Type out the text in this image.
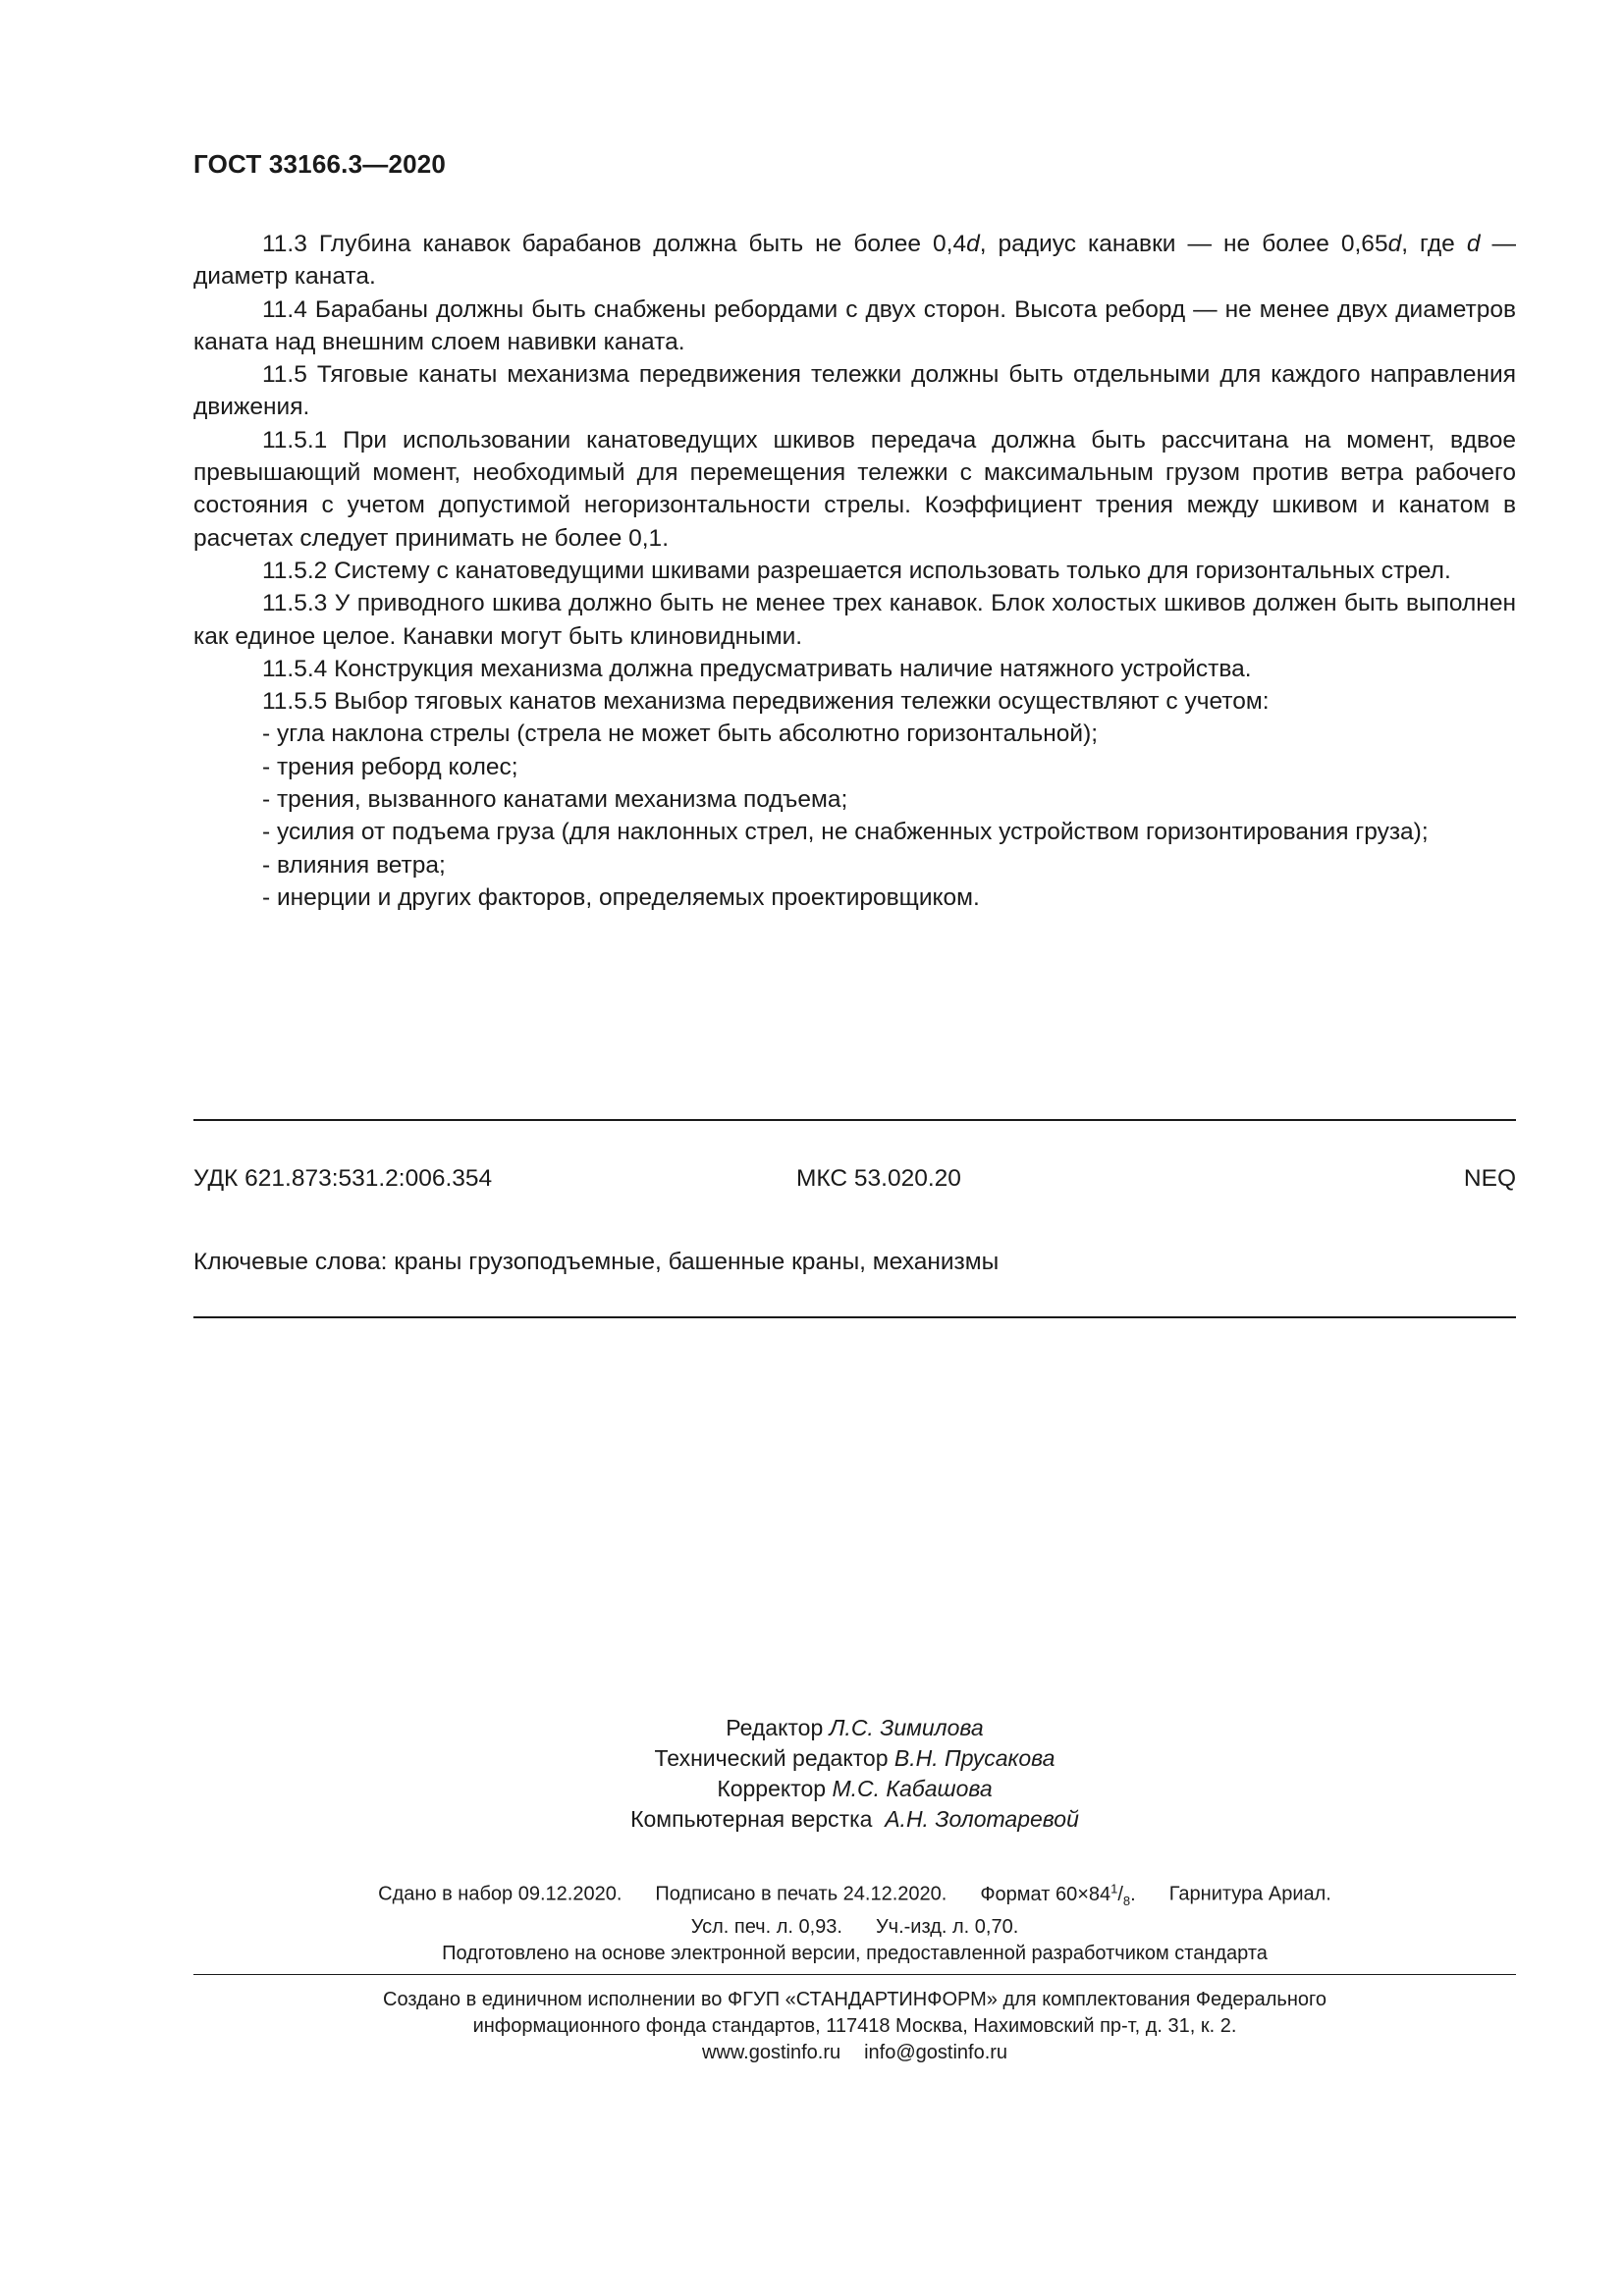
ГОСТ 33166.3—2020

11.3 Глубина канавок барабанов должна быть не более 0,4d, радиус канавки — не более 0,65d, где d — диаметр каната.

11.4 Барабаны должны быть снабжены ребордами с двух сторон. Высота реборд — не менее двух диаметров каната над внешним слоем навивки каната.

11.5 Тяговые канаты механизма передвижения тележки должны быть отдельными для каждого направления движения.

11.5.1 При использовании канатоведущих шкивов передача должна быть рассчитана на момент, вдвое превышающий момент, необходимый для перемещения тележки с максимальным грузом против ветра рабочего состояния с учетом допустимой негоризонтальности стрелы. Коэффициент трения между шкивом и канатом в расчетах следует принимать не более 0,1.

11.5.2 Систему с канатоведущими шкивами разрешается использовать только для горизонтальных стрел.

11.5.3 У приводного шкива должно быть не менее трех канавок. Блок холостых шкивов должен быть выполнен как единое целое. Канавки могут быть клиновидными.

11.5.4 Конструкция механизма должна предусматривать наличие натяжного устройства.

11.5.5 Выбор тяговых канатов механизма передвижения тележки осуществляют с учетом:

- угла наклона стрелы (стрела не может быть абсолютно горизонтальной);

- трения реборд колес;

- трения, вызванного канатами механизма подъема;

- усилия от подъема груза (для наклонных стрел, не снабженных устройством горизонтирования груза);

- влияния ветра;

- инерции и других факторов, определяемых проектировщиком.

УДК 621.873:531.2:006.354	МКС 53.020.20	NEQ
Ключевые слова: краны грузоподъемные, башенные краны, механизмы
Редактор Л.С. Зимилова
Технический редактор В.Н. Прусакова
Корректор М.С. Кабашова
Компьютерная верстка  А.Н. Золотаревой
Сдано в набор 09.12.2020. Подписано в печать 24.12.2020. Формат $60\times 84^1/_8$. Гарнитура Ариал.
Усл. печ. л. 0,93. Уч.-изд. л. 0,70.
Подготовлено на основе электронной версии, предоставленной разработчиком стандарта
Создано в единичном исполнении во ФГУП «СТАНДАРТИНФОРМ» для комплектования Федерального
информационного фонда стандартов, 117418 Москва, Нахимовский пр-т, д. 31, к. 2.
www.gostinfo.ru info@gostinfo.ru
